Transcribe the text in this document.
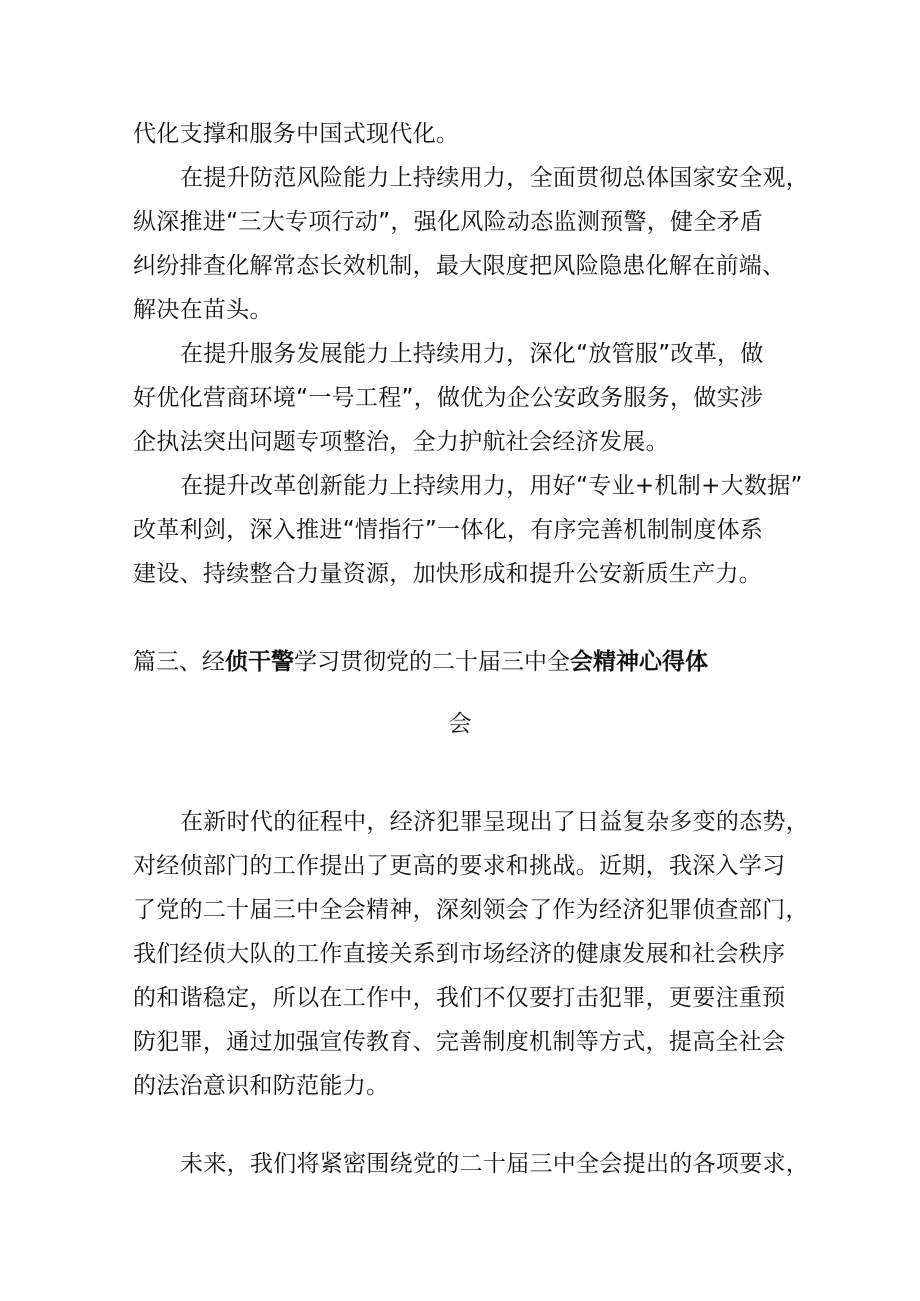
代化支撑和服务中国式现代化。
在提升防范风险能力上持续用力，全面贯彻总体国家安全观，
纵深推进“三大专项行动”，强化风险动态监测预警，健全矛盾
纠纷排查化解常态长效机制，最大限度把风险隐患化解在前端、
解决在苗头。
在提升服务发展能力上持续用力，深化“放管服”改革，做
好优化营商环境“一号工程”，做优为企公安政务服务，做实涉
企执法突出问题专项整治，全力护航社会经济发展。
在提升改革创新能力上持续用力，用好“专业+机制+大数据”
改革利剑，深入推进“情指行”一体化，有序完善机制制度体系
建设、持续整合力量资源，加快形成和提升公安新质生产力。
篇三、经侦干警学习贯彻党的二十届三中全会精神心得体
会
在新时代的征程中，经济犯罪呈现出了日益复杂多变的态势，
对经侦部门的工作提出了更高的要求和挑战。近期，我深入学习
了党的二十届三中全会精神，深刻领会了作为经济犯罪侦查部门，
我们经侦大队的工作直接关系到市场经济的健康发展和社会秩序
的和谐稳定，所以在工作中，我们不仅要打击犯罪，更要注重预
防犯罪，通过加强宣传教育、完善制度机制等方式，提高全社会
的法治意识和防范能力。
未来，我们将紧密围绕党的二十届三中全会提出的各项要求，
